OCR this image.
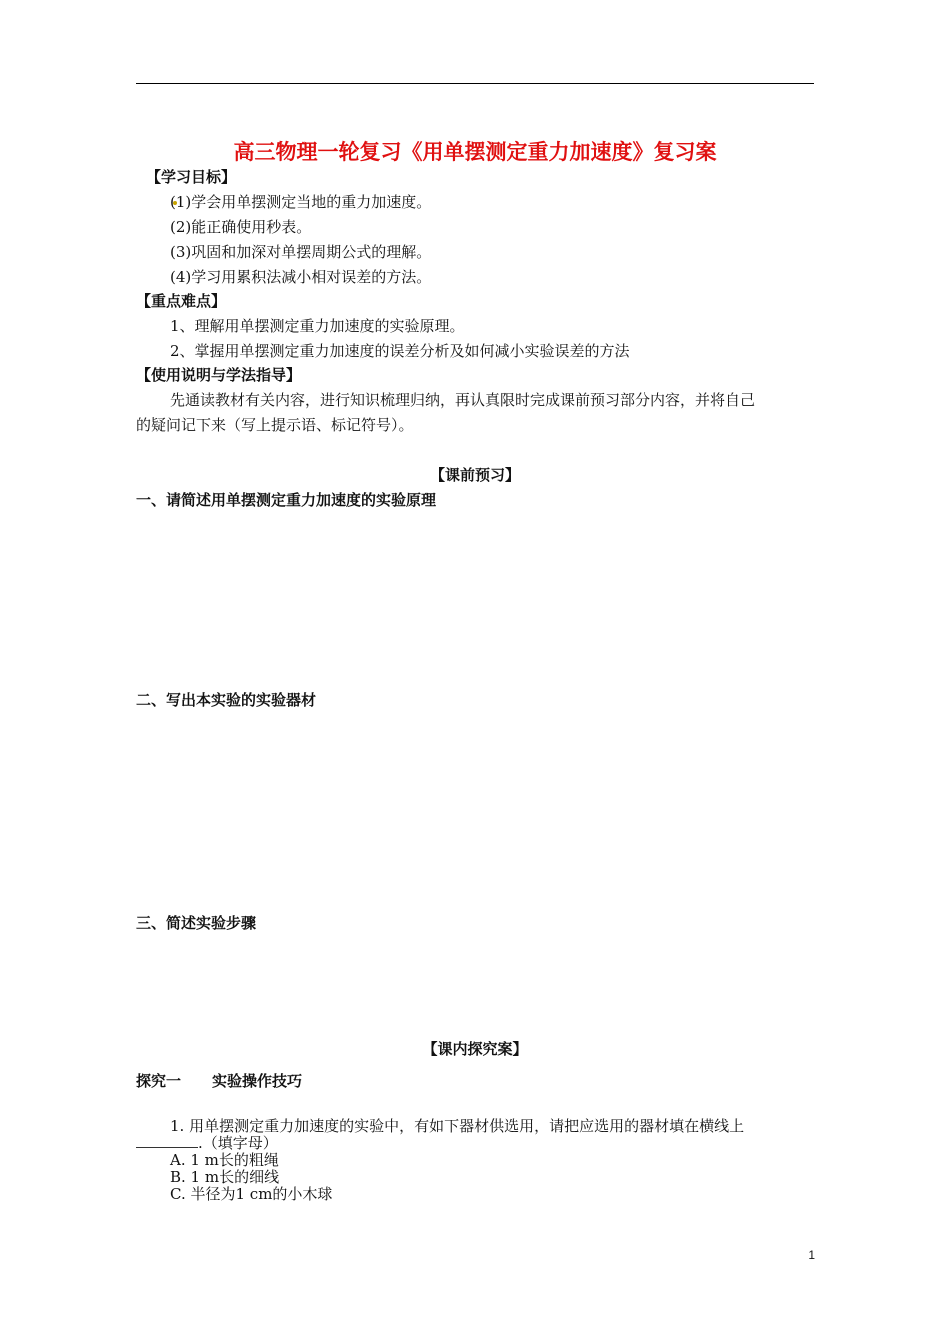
高三物理一轮复习《用单摆测定重力加速度》复习案
【学习目标】
(1)学会用单摆测定当地的重力加速度。
(2)能正确使用秒表。
(3)巩固和加深对单摆周期公式的理解。
(4)学习用累积法减小相对误差的方法。
【重点难点】
1、理解用单摆测定重力加速度的实验原理。
2、掌握用单摆测定重力加速度的误差分析及如何减小实验误差的方法
【使用说明与学法指导】
先通读教材有关内容，进行知识梳理归纳，再认真限时完成课前预习部分内容，并将自己
的疑问记下来（写上提示语、标记符号）。
【课前预习】
一、请简述用单摆测定重力加速度的实验原理
二、写出本实验的实验器材
三、简述实验步骤
【课内探究案】
探究一 实验操作技巧
1. 用单摆测定重力加速度的实验中，有如下器材供选用，请把应选用的器材填在横线上
.（填字母）
A. 1 m长的粗绳
B. 1 m长的细线
C. 半径为1 cm的小木球
1
